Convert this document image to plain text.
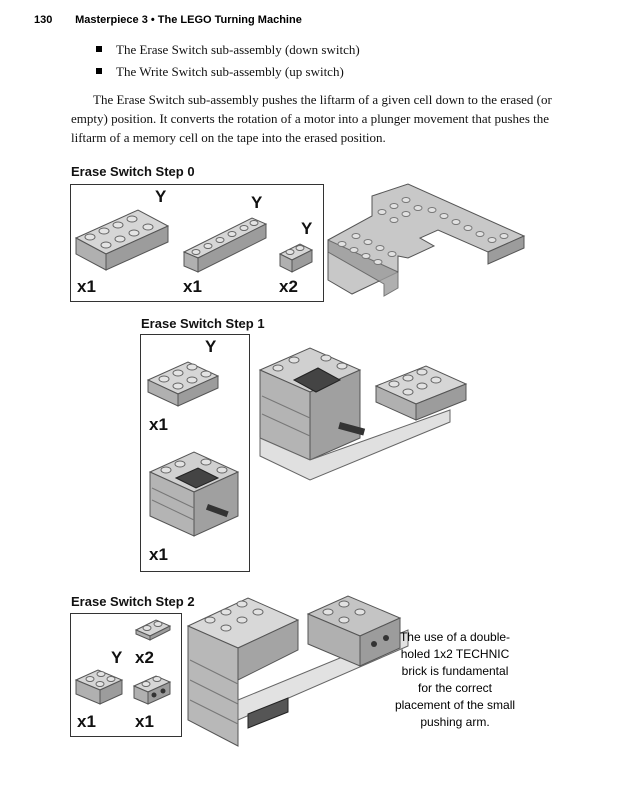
130 Masterpiece 3 • The LEGO Turning Machine
The Erase Switch sub-assembly (down switch)
The Write Switch sub-assembly (up switch)
The Erase Switch sub-assembly pushes the liftarm of a given cell down to the erased (or empty) position. It converts the rotation of a motor into a plunger movement that pushes the liftarm of a memory cell on the tape into the erased position.
Erase Switch Step 0
Y	Y
Y
x1	x1	x2
Erase Switch Step 1
Y
x1
x1
Erase Switch Step 2
Y x2
x1 x1
The use of a double-
holed 1x2 TECHNIC
brick is fundamental
for the correct
placement of the small
pushing arm.
